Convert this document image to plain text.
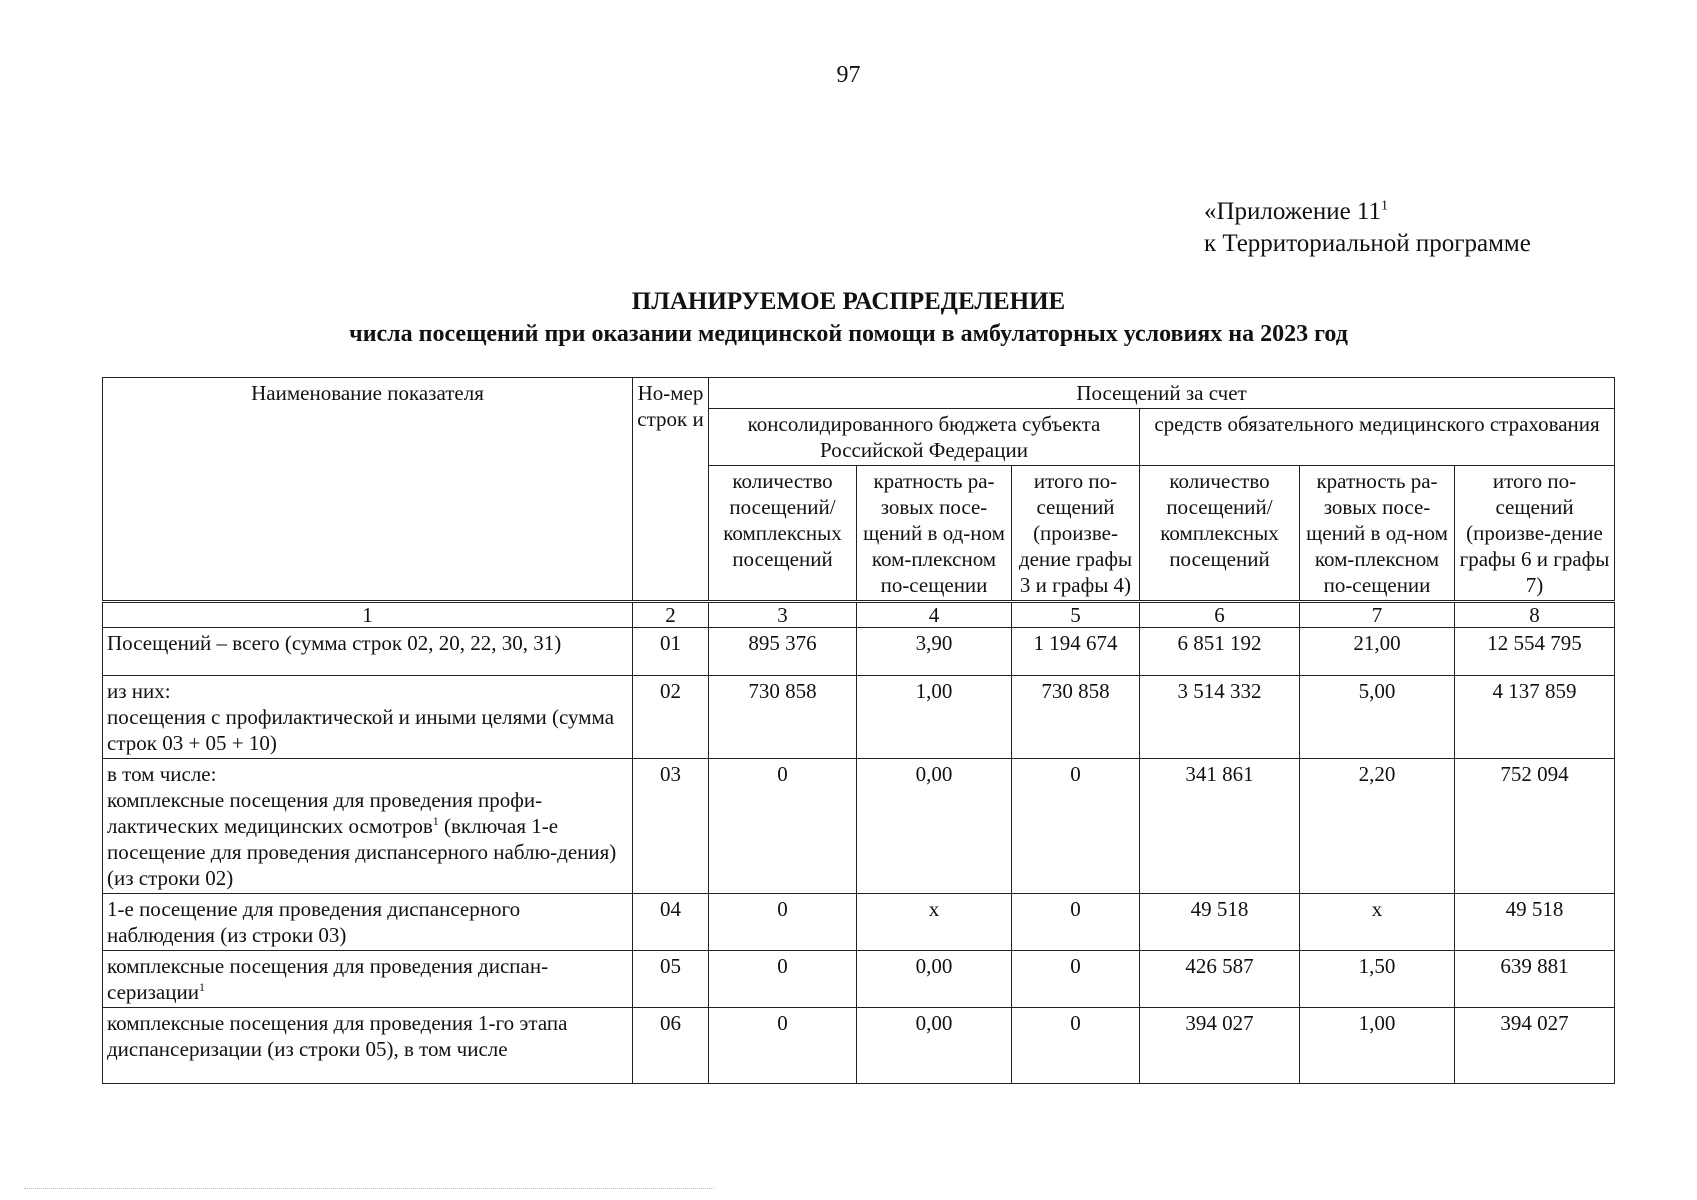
97
«Приложение $11^1$
к Территориальной программе
ПЛАНИРУЕМОЕ РАСПРЕДЕЛЕНИЕ
числа посещений при оказании медицинской помощи в амбулаторных условиях на 2023 год
Наименование показателя	Но-мер строк и	Посещений за счет					
		консолидированного бюджета субъекта Российской Федерации			средств обязательного медицинского страхования		
		количество посещений/ комплексных посещений	кратность ра-зовых посе-щений в од-ном ком-плексном по-сещении	итого по-сещений (произве-дение графы 3 и графы 4)	количество посещений/ комплексных посещений	кратность ра-зовых посе-щений в од-ном ком-плексном по-сещении	итого по-сещений (произве-дение графы 6 и графы 7)
1	2	3	4	5	6	7	8
Посещений – всего (сумма строк 02, 20, 22, 30, 31)	01	895 376	3,90	1 194 674	6 851 192	21,00	12 554 795
из них:
посещения с профилактической и иными целями (сумма строк 03 + 05 + 10)	02	730 858	1,00	730 858	3 514 332	5,00	4 137 859
в том числе:
комплексные посещения для проведения профи-лактических медицинских осмотров$^1$ (включая 1-е посещение для проведения диспансерного наблю-дения) (из строки 02)	03	0	0,00	0	341 861	2,20	752 094
1-е посещение для проведения диспансерного наблюдения (из строки 03)	04	0	х	0	49 518	х	49 518
комплексные посещения для проведения диспан-серизации$^1$	05	0	0,00	0	426 587	1,50	639 881
комплексные посещения для проведения 1-го этапа диспансеризации (из строки 05), в том числе	06	0	0,00	0	394 027	1,00	394 027
